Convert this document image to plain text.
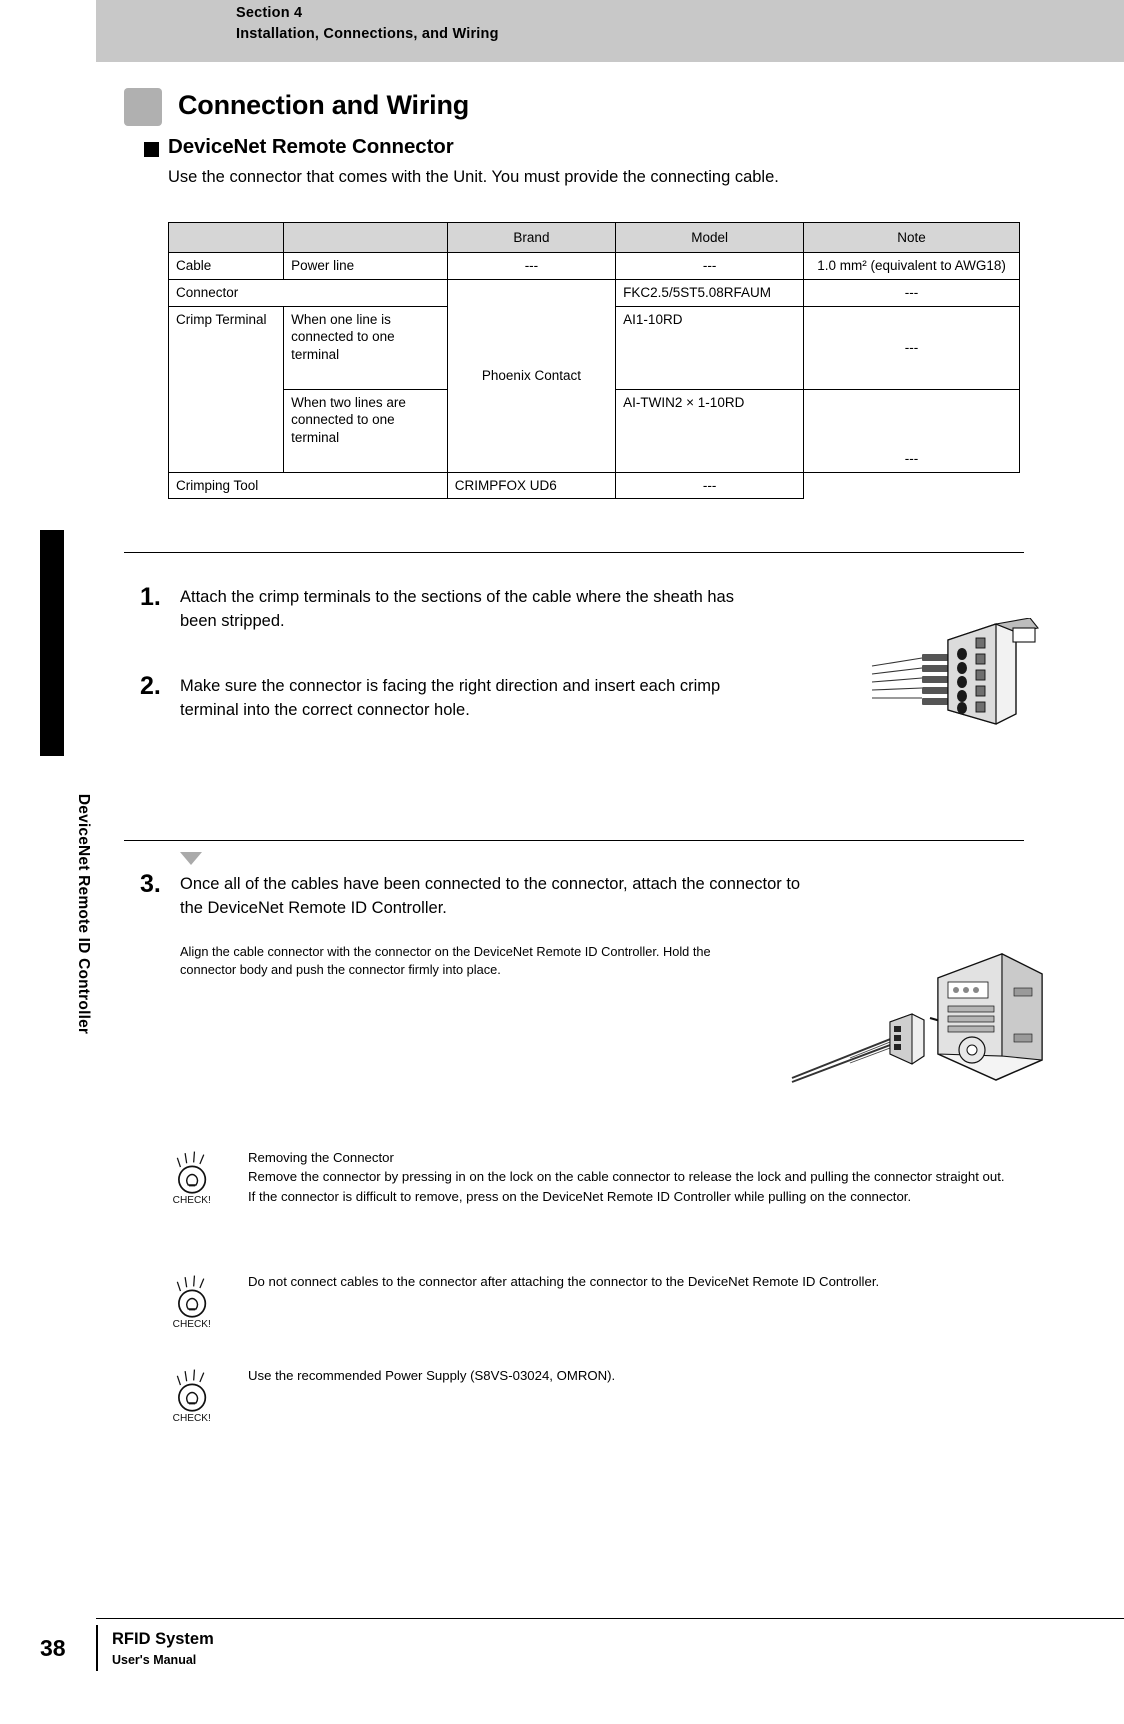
Section 4
Installation, Connections, and Wiring
Section 4
DeviceNet Remote ID Controller
Connection and Wiring
DeviceNet Remote Connector
Use the connector that comes with the Unit. You must provide the connecting cable.
		Brand	Model	Note
Cable	Power line	---	---	1.0 mm² (equivalent to AWG18)
Connector		Phoenix Contact	FKC2.5/5ST5.08RFAUM	---
Crimp Terminal	When one line is connected to one terminal		AI1-10RD	---
	When two lines are connected to one terminal		AI-TWIN2 × 1-10RD	---
Crimping Tool		CRIMPFOX UD6	---	
1. Attach the crimp terminals to the sections of the cable where the sheath has been stripped.
2. Make sure the connector is facing the right direction and insert each crimp terminal into the correct connector hole.
3. Once all of the cables have been connected to the connector, attach the connector to the DeviceNet Remote ID Controller.
Align the cable connector with the connector on the DeviceNet Remote ID Controller. Hold the connector body and push the connector firmly into place.
CHECK!
Removing the Connector
Remove the connector by pressing in on the lock on the cable connector to release the lock and pulling the connector straight out. If the connector is difficult to remove, press on the DeviceNet Remote ID Controller while pulling on the connector.
CHECK!
Do not connect cables to the connector after attaching the connector to the DeviceNet Remote ID Controller.
CHECK!
Use the recommended Power Supply (S8VS-03024, OMRON).
38	RFID System
User's Manual
